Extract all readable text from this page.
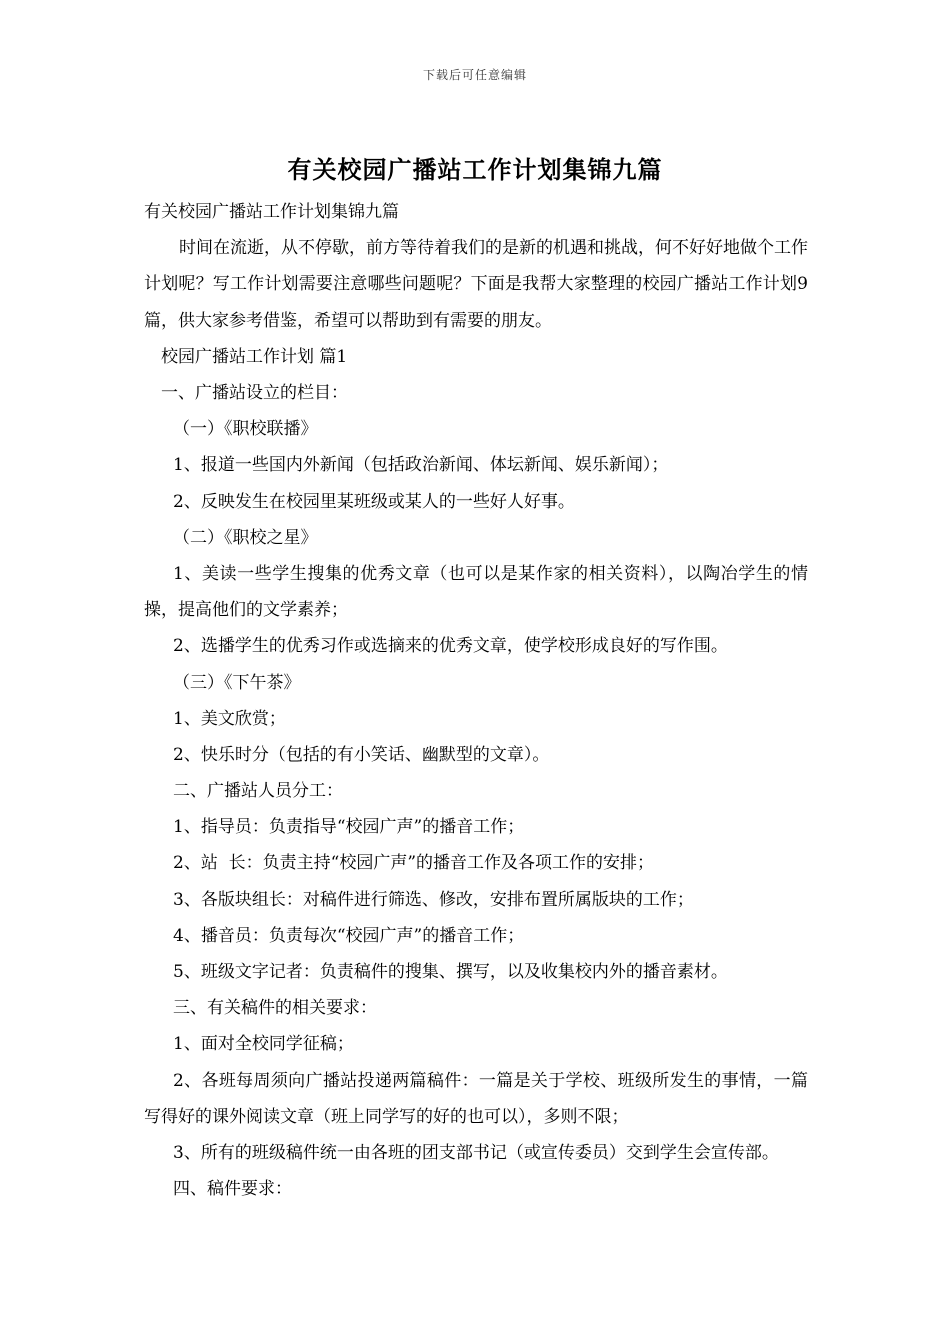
下载后可任意编辑
有关校园广播站工作计划集锦九篇
有关校园广播站工作计划集锦九篇
时间在流逝，从不停歇，前方等待着我们的是新的机遇和挑战，何不好好地做个工作计划呢？写工作计划需要注意哪些问题呢？下面是我帮大家整理的校园广播站工作计划9篇，供大家参考借鉴，希望可以帮助到有需要的朋友。
校园广播站工作计划 篇1
一、广播站设立的栏目：
（一）《职校联播》
1、报道一些国内外新闻（包括政治新闻、体坛新闻、娱乐新闻）；
2、反映发生在校园里某班级或某人的一些好人好事。
（二）《职校之星》
1、美读一些学生搜集的优秀文章（也可以是某作家的相关资料），以陶冶学生的情操，提高他们的文学素养；
2、选播学生的优秀习作或选摘来的优秀文章，使学校形成良好的写作围。
（三）《下午茶》
1、美文欣赏；
2、快乐时分（包括的有小笑话、幽默型的文章）。
二、广播站人员分工：
1、指导员：负责指导“校园广声”的播音工作；
2、站  长：负责主持“校园广声”的播音工作及各项工作的安排；
3、各版块组长：对稿件进行筛选、修改，安排布置所属版块的工作；
4、播音员：负责每次“校园广声”的播音工作；
5、班级文字记者：负责稿件的搜集、撰写，以及收集校内外的播音素材。
三、有关稿件的相关要求：
1、面对全校同学征稿；
2、各班每周须向广播站投递两篇稿件：一篇是关于学校、班级所发生的事情，一篇写得好的课外阅读文章（班上同学写的好的也可以），多则不限；
3、所有的班级稿件统一由各班的团支部书记（或宣传委员）交到学生会宣传部。
四、稿件要求：
